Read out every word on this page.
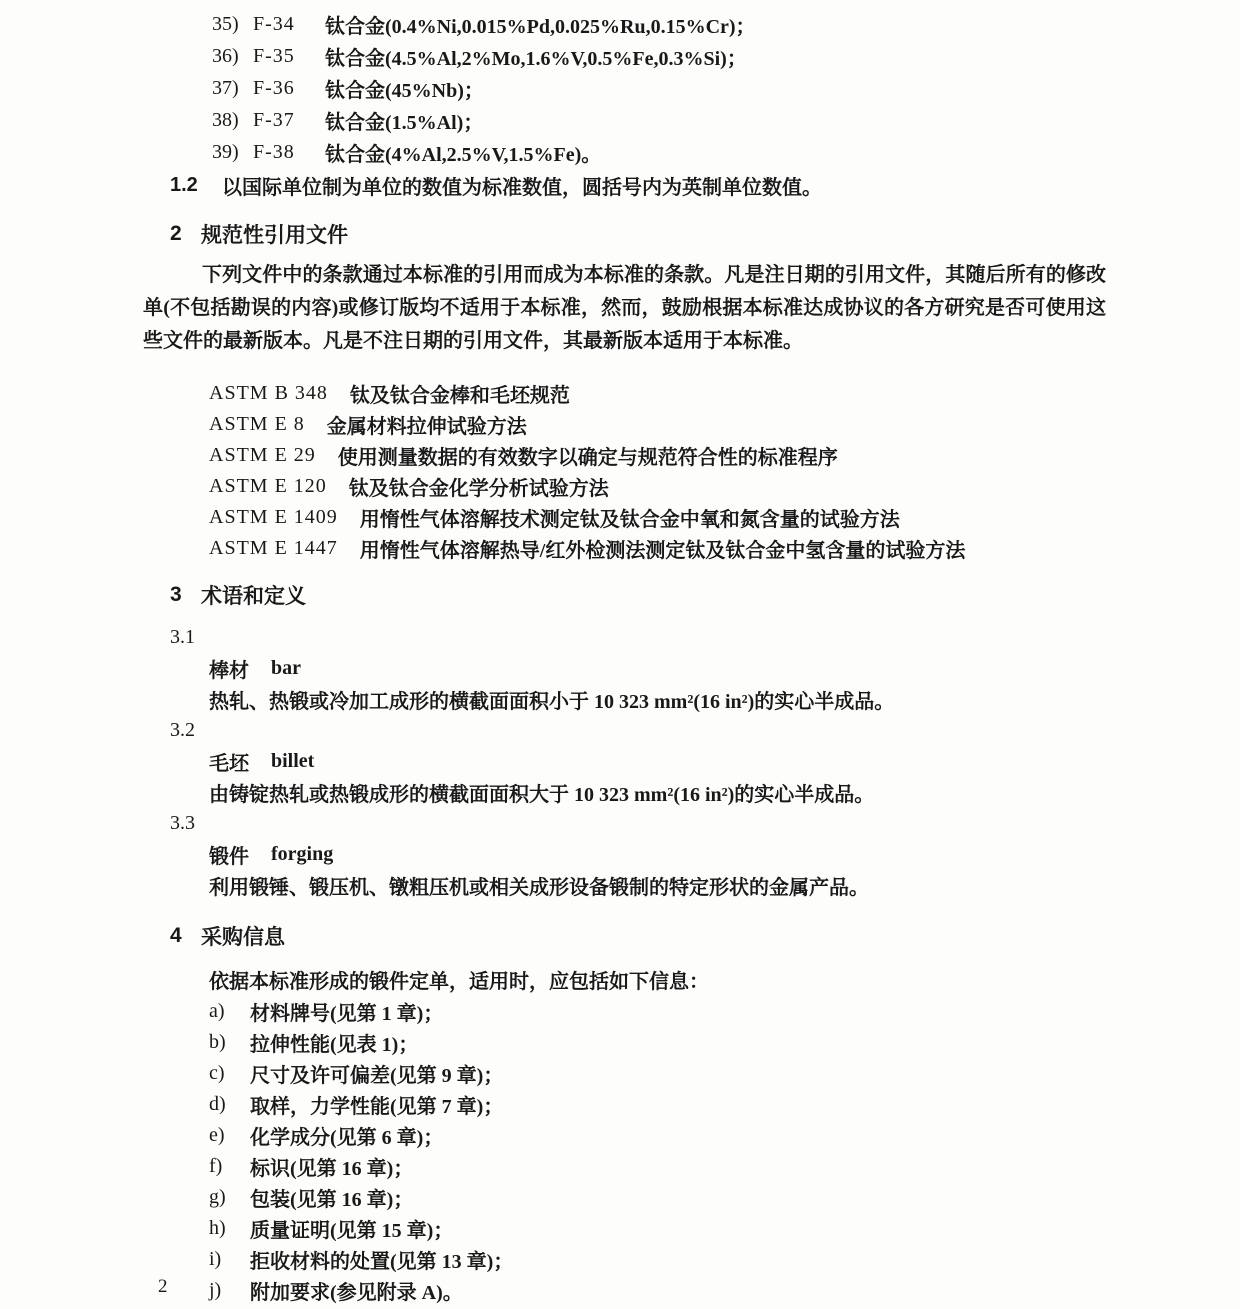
35) F-34	钛合金(0.4%Ni,0.015%Pd,0.025%Ru,0.15%Cr)；
36) F-35	钛合金(4.5%Al,2%Mo,1.6%V,0.5%Fe,0.3%Si)；
37) F-36	钛合金(45%Nb)；
38) F-37	钛合金(1.5%Al)；
39) F-38	钛合金(4%Al,2.5%V,1.5%Fe)。
1.2	以国际单位制为单位的数值为标准数值，圆括号内为英制单位数值。
2 规范性引用文件

下列文件中的条款通过本标准的引用而成为本标准的条款。凡是注日期的引用文件，其随后所有的修改单(不包括勘误的内容)或修订版均不适用于本标准，然而，鼓励根据本标准达成协议的各方研究是否可使用这些文件的最新版本。凡是不注日期的引用文件，其最新版本适用于本标准。

ASTM B 348 钛及钛合金棒和毛坯规范
ASTM E 8 金属材料拉伸试验方法
ASTM E 29 使用测量数据的有效数字以确定与规范符合性的标准程序
ASTM E 120 钛及钛合金化学分析试验方法
ASTM E 1409 用惰性气体溶解技术测定钛及钛合金中氧和氮含量的试验方法
ASTM E 1447 用惰性气体溶解热导/红外检测法测定钛及钛合金中氢含量的试验方法
3 术语和定义
3.1
棒材 bar
热轧、热锻或冷加工成形的横截面面积小于 10 323 mm²(16 in²)的实心半成品。
3.2
毛坯 billet
由铸锭热轧或热锻成形的横截面面积大于 10 323 mm²(16 in²)的实心半成品。
3.3
锻件 forging
利用锻锤、锻压机、镦粗压机或相关成形设备锻制的特定形状的金属产品。
4 采购信息
依据本标准形成的锻件定单，适用时，应包括如下信息：
a)	材料牌号(见第 1 章)；
b)	拉伸性能(见表 1)；
c)	尺寸及许可偏差(见第 9 章)；
d)	取样，力学性能(见第 7 章)；
e)	化学成分(见第 6 章)；
f)	标识(见第 16 章)；
g)	包装(见第 16 章)；
h)	质量证明(见第 15 章)；
i)	拒收材料的处置(见第 13 章)；
j)	附加要求(参见附录 A)。
2
